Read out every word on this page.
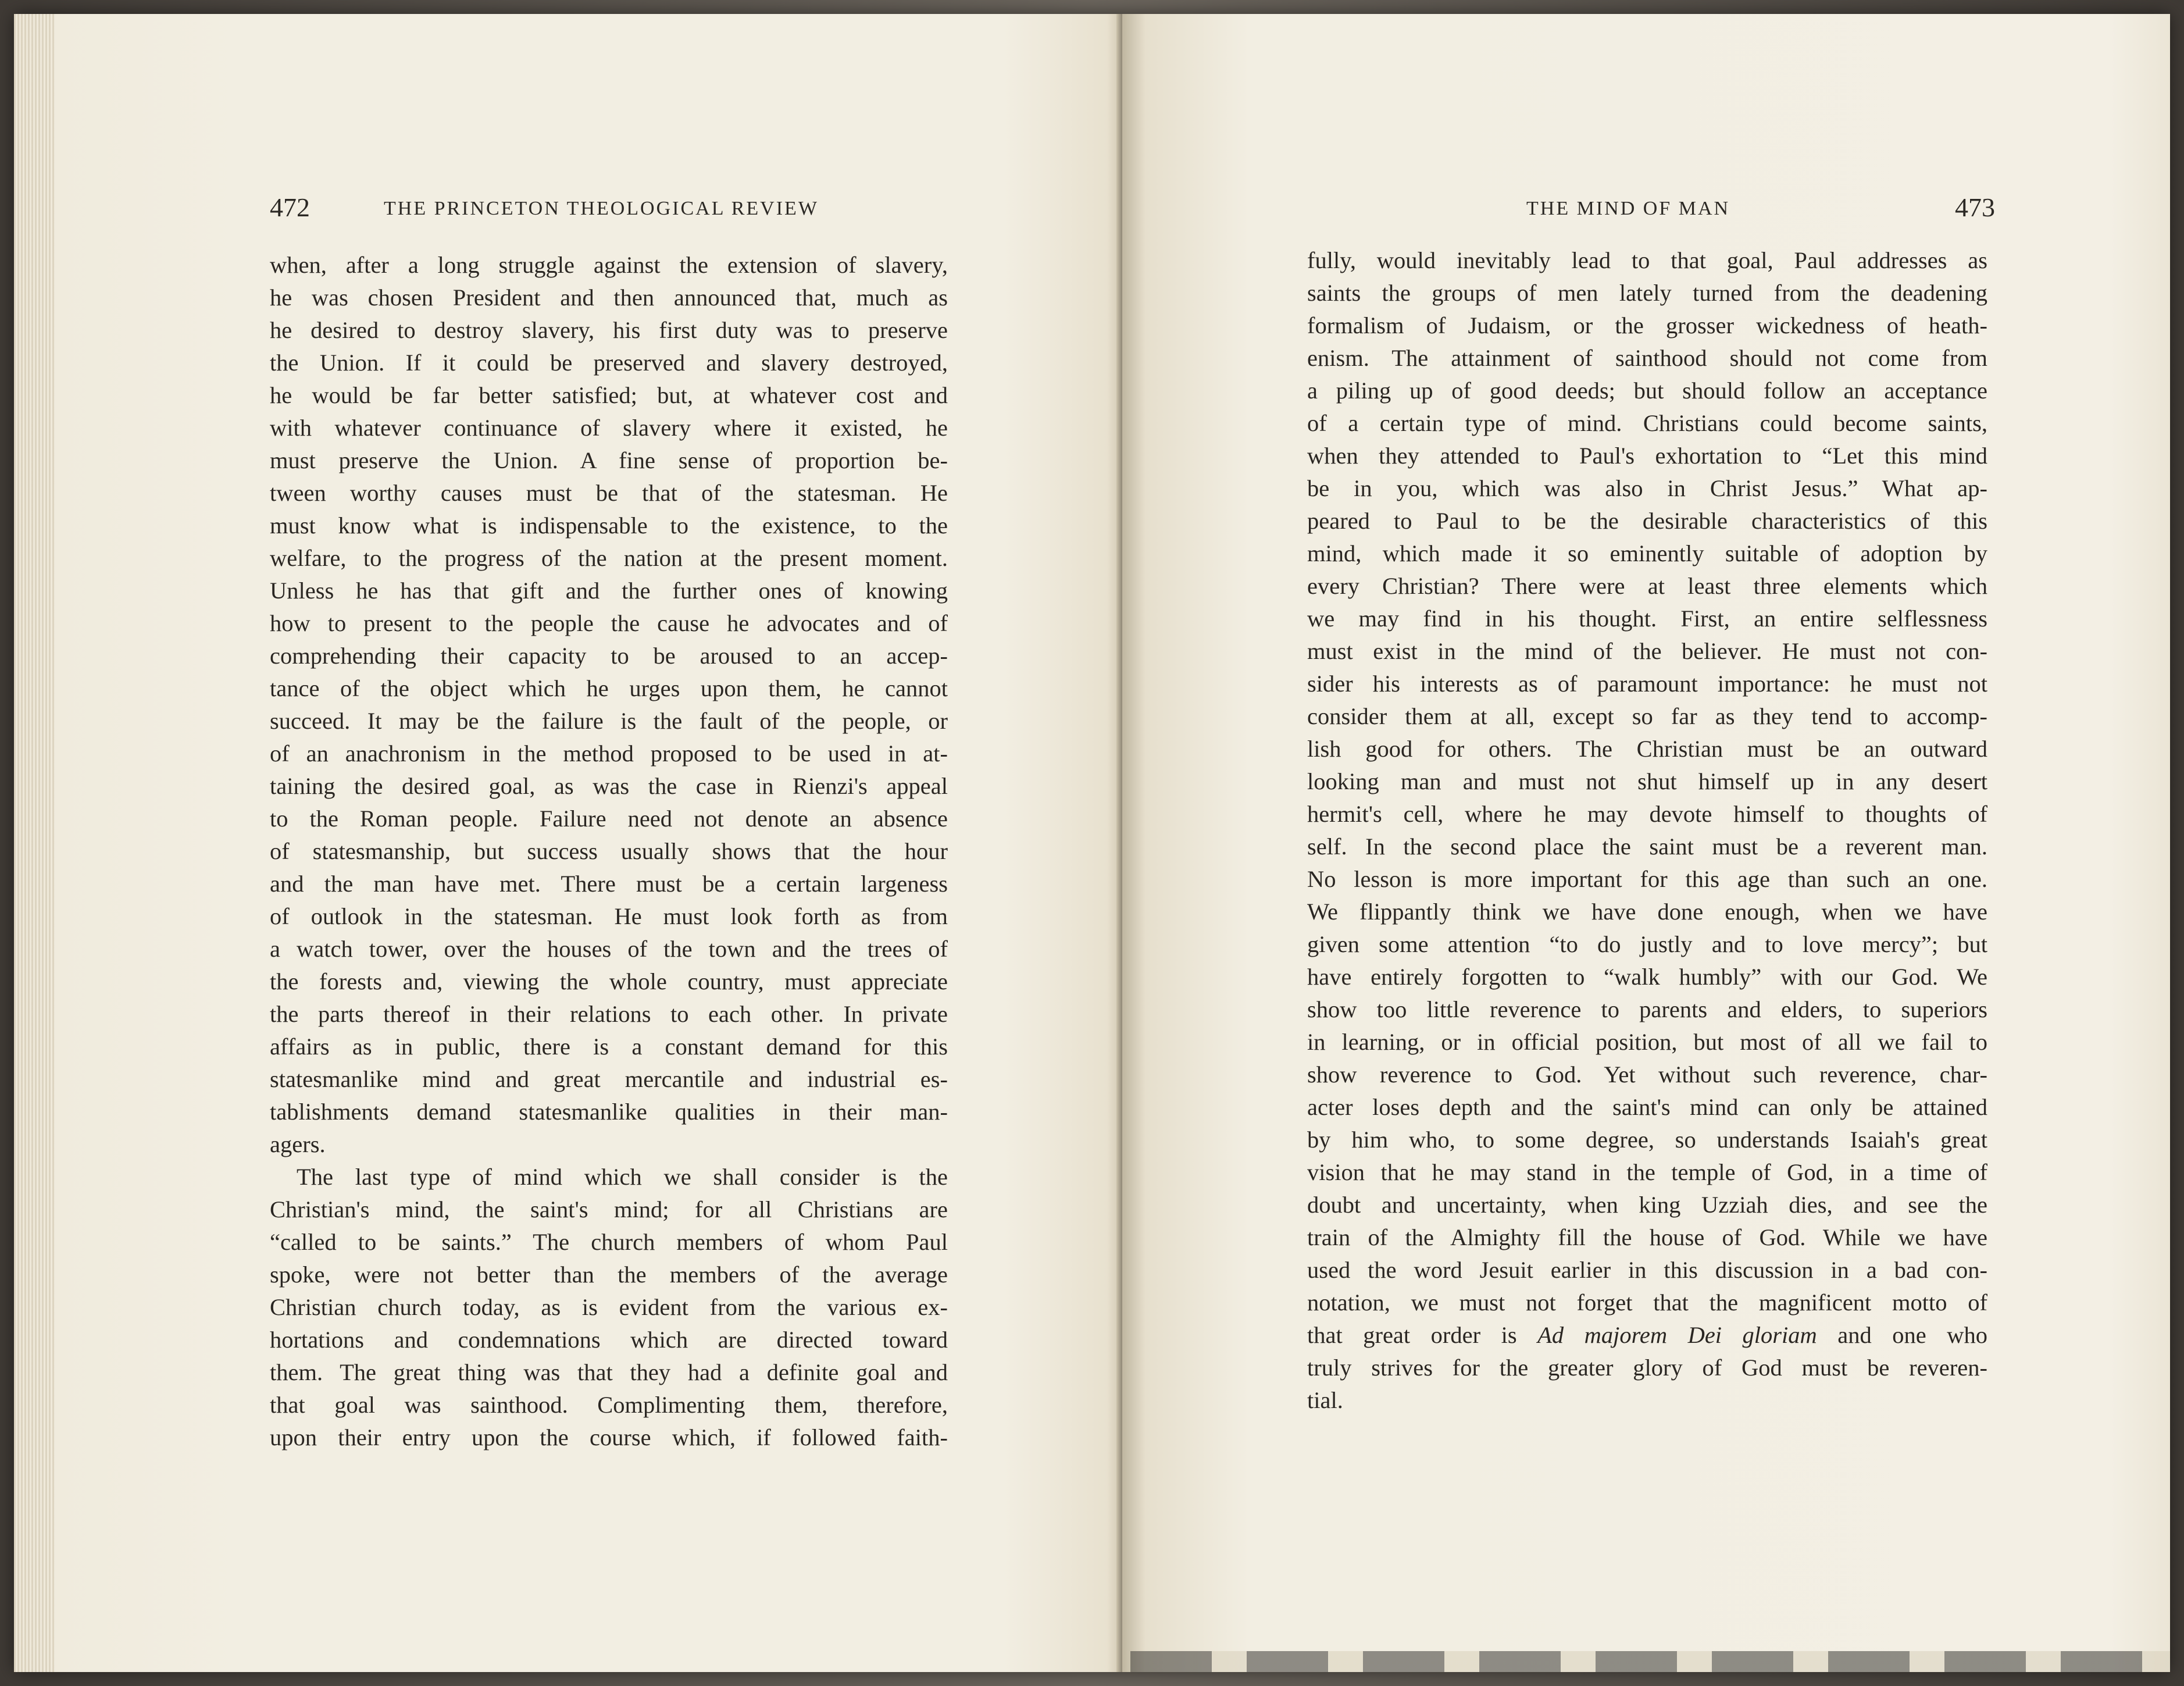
472	THE PRINCETON THEOLOGICAL REVIEW
when, after a long struggle against the extension of slavery,
he was chosen President and then announced that, much as
he desired to destroy slavery, his first duty was to preserve
the Union. If it could be preserved and slavery destroyed,
he would be far better satisfied; but, at whatever cost and
with whatever continuance of slavery where it existed, he
must preserve the Union. A fine sense of proportion be-
tween worthy causes must be that of the statesman. He
must know what is indispensable to the existence, to the
welfare, to the progress of the nation at the present moment.
Unless he has that gift and the further ones of knowing
how to present to the people the cause he advocates and of
comprehending their capacity to be aroused to an accep-
tance of the object which he urges upon them, he cannot
succeed. It may be the failure is the fault of the people, or
of an anachronism in the method proposed to be used in at-
taining the desired goal, as was the case in Rienzi's appeal
to the Roman people. Failure need not denote an absence
of statesmanship, but success usually shows that the hour
and the man have met. There must be a certain largeness
of outlook in the statesman. He must look forth as from
a watch tower, over the houses of the town and the trees of
the forests and, viewing the whole country, must appreciate
the parts thereof in their relations to each other. In private
affairs as in public, there is a constant demand for this
statesmanlike mind and great mercantile and industrial es-
tablishments demand statesmanlike qualities in their man-
agers.
The last type of mind which we shall consider is the
Christian's mind, the saint's mind; for all Christians are
“called to be saints.” The church members of whom Paul
spoke, were not better than the members of the average
Christian church today, as is evident from the various ex-
hortations and condemnations which are directed toward
them. The great thing was that they had a definite goal and
that goal was sainthood. Complimenting them, therefore,
upon their entry upon the course which, if followed faith-
THE MIND OF MAN	473
fully, would inevitably lead to that goal, Paul addresses as
saints the groups of men lately turned from the deadening
formalism of Judaism, or the grosser wickedness of heath-
enism. The attainment of sainthood should not come from
a piling up of good deeds; but should follow an acceptance
of a certain type of mind. Christians could become saints,
when they attended to Paul's exhortation to “Let this mind
be in you, which was also in Christ Jesus.” What ap-
peared to Paul to be the desirable characteristics of this
mind, which made it so eminently suitable of adoption by
every Christian? There were at least three elements which
we may find in his thought. First, an entire selflessness
must exist in the mind of the believer. He must not con-
sider his interests as of paramount importance: he must not
consider them at all, except so far as they tend to accomp-
lish good for others. The Christian must be an outward
looking man and must not shut himself up in any desert
hermit's cell, where he may devote himself to thoughts of
self. In the second place the saint must be a reverent man.
No lesson is more important for this age than such an one.
We flippantly think we have done enough, when we have
given some attention “to do justly and to love mercy”; but
have entirely forgotten to “walk humbly” with our God. We
show too little reverence to parents and elders, to superiors
in learning, or in official position, but most of all we fail to
show reverence to God. Yet without such reverence, char-
acter loses depth and the saint's mind can only be attained
by him who, to some degree, so understands Isaiah's great
vision that he may stand in the temple of God, in a time of
doubt and uncertainty, when king Uzziah dies, and see the
train of the Almighty fill the house of God. While we have
used the word Jesuit earlier in this discussion in a bad con-
notation, we must not forget that the magnificent motto of
that great order is Ad majorem Dei gloriam and one who
truly strives for the greater glory of God must be reveren-
tial.
